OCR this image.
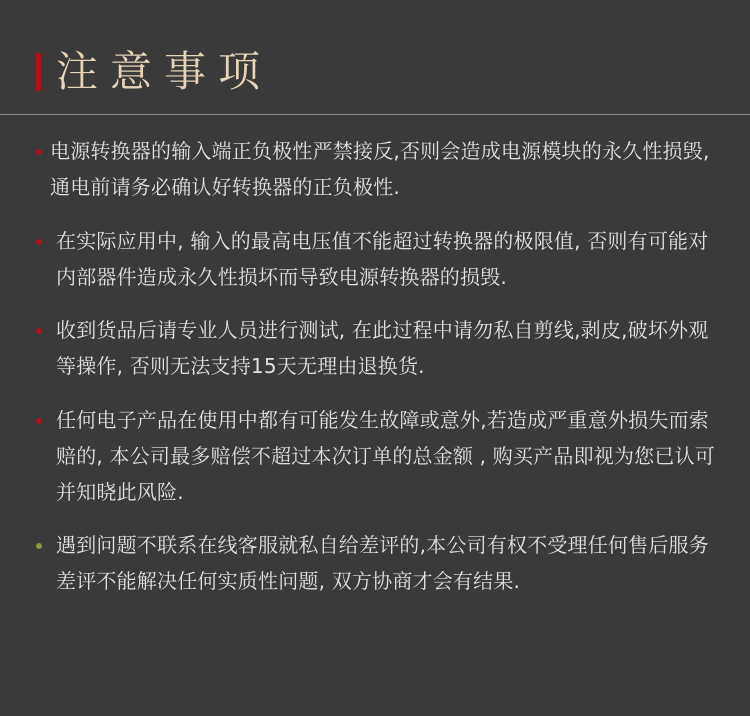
注意事项
电源转换器的输入端正负极性严禁接反,否则会造成电源模块的永久性损毁,通电前请务必确认好转换器的正负极性.
在实际应用中, 输入的最高电压值不能超过转换器的极限值, 否则有可能对内部器件造成永久性损坏而导致电源转换器的损毁.
收到货品后请专业人员进行测试, 在此过程中请勿私自剪线,剥皮,破坏外观等操作, 否则无法支持15天无理由退换货.
任何电子产品在使用中都有可能发生故障或意外,若造成严重意外损失而索赔的, 本公司最多赔偿不超过本次订单的总金额 , 购买产品即视为您已认可并知晓此风险.
遇到问题不联系在线客服就私自给差评的,本公司有权不受理任何售后服务差评不能解决任何实质性问题, 双方协商才会有结果.
